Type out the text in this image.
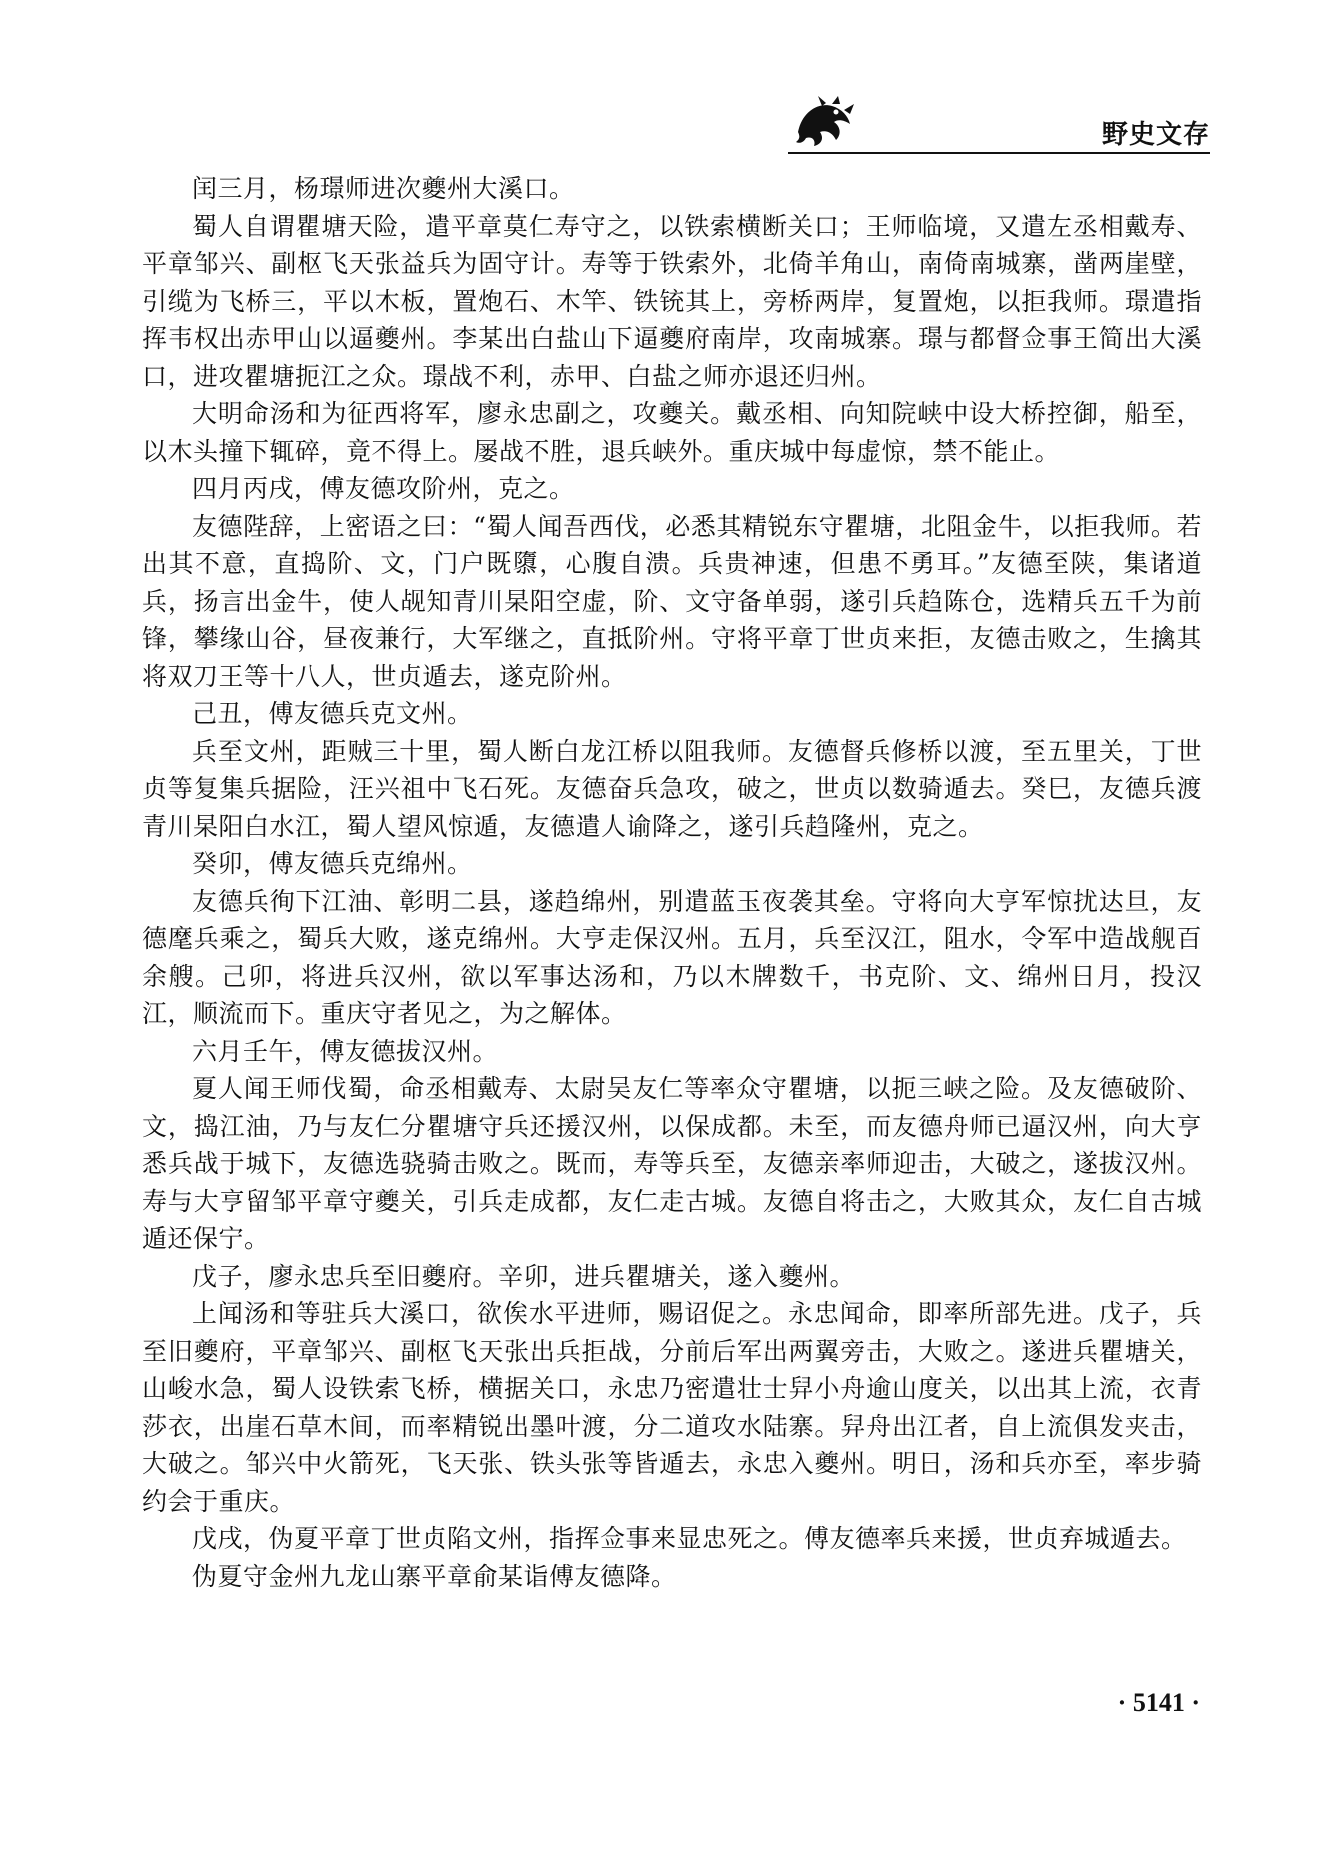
野史文存

闰三月，杨璟师进次夔州大溪口。

蜀人自谓瞿塘天险，遣平章莫仁寿守之，以铁索横断关口；王师临境，又遣左丞相戴寿、平章邹兴、副枢飞天张益兵为固守计。寿等于铁索外，北倚羊角山，南倚南城寨，凿两崖壁，引缆为飞桥三，平以木板，置炮石、木竿、铁铳其上，旁桥两岸，复置炮，以拒我师。璟遣指挥韦权出赤甲山以逼夔州。李某出白盐山下逼夔府南岸，攻南城寨。璟与都督佥事王简出大溪口，进攻瞿塘扼江之众。璟战不利，赤甲、白盐之师亦退还归州。

大明命汤和为征西将军，廖永忠副之，攻夔关。戴丞相、向知院峡中设大桥控御，船至，以木头撞下辄碎，竟不得上。屡战不胜，退兵峡外。重庆城中每虚惊，禁不能止。

四月丙戌，傅友德攻阶州，克之。

友德陛辞，上密语之曰：“蜀人闻吾西伐，必悉其精锐东守瞿塘，北阻金牛，以拒我师。若出其不意，直捣阶、文，门户既隳，心腹自溃。兵贵神速，但患不勇耳。”友德至陕，集诸道兵，扬言出金牛，使人觇知青川杲阳空虚，阶、文守备单弱，遂引兵趋陈仓，选精兵五千为前锋，攀缘山谷，昼夜兼行，大军继之，直抵阶州。守将平章丁世贞来拒，友德击败之，生擒其将双刀王等十八人，世贞遁去，遂克阶州。

己丑，傅友德兵克文州。

兵至文州，距贼三十里，蜀人断白龙江桥以阻我师。友德督兵修桥以渡，至五里关，丁世贞等复集兵据险，汪兴祖中飞石死。友德奋兵急攻，破之，世贞以数骑遁去。癸巳，友德兵渡青川杲阳白水江，蜀人望风惊遁，友德遣人谕降之，遂引兵趋隆州，克之。

癸卯，傅友德兵克绵州。

友德兵徇下江油、彰明二县，遂趋绵州，别遣蓝玉夜袭其垒。守将向大亨军惊扰达旦，友德麾兵乘之，蜀兵大败，遂克绵州。大亨走保汉州。五月，兵至汉江，阻水，令军中造战舰百余艘。己卯，将进兵汉州，欲以军事达汤和，乃以木牌数千，书克阶、文、绵州日月，投汉江，顺流而下。重庆守者见之，为之解体。

六月壬午，傅友德拔汉州。

夏人闻王师伐蜀，命丞相戴寿、太尉吴友仁等率众守瞿塘，以扼三峡之险。及友德破阶、文，捣江油，乃与友仁分瞿塘守兵还援汉州，以保成都。未至，而友德舟师已逼汉州，向大亨悉兵战于城下，友德选骁骑击败之。既而，寿等兵至，友德亲率师迎击，大破之，遂拔汉州。寿与大亨留邹平章守夔关，引兵走成都，友仁走古城。友德自将击之，大败其众，友仁自古城遁还保宁。

戊子，廖永忠兵至旧夔府。辛卯，进兵瞿塘关，遂入夔州。

上闻汤和等驻兵大溪口，欲俟水平进师，赐诏促之。永忠闻命，即率所部先进。戊子，兵至旧夔府，平章邹兴、副枢飞天张出兵拒战，分前后军出两翼旁击，大败之。遂进兵瞿塘关，山峻水急，蜀人设铁索飞桥，横据关口，永忠乃密遣壮士舁小舟逾山度关，以出其上流，衣青莎衣，出崖石草木间，而率精锐出墨叶渡，分二道攻水陆寨。舁舟出江者，自上流俱发夹击，大破之。邹兴中火箭死，飞天张、铁头张等皆遁去，永忠入夔州。明日，汤和兵亦至，率步骑约会于重庆。

戊戌，伪夏平章丁世贞陷文州，指挥佥事来显忠死之。傅友德率兵来援，世贞弃城遁去。

伪夏守金州九龙山寨平章俞某诣傅友德降。

· 5141 ·
